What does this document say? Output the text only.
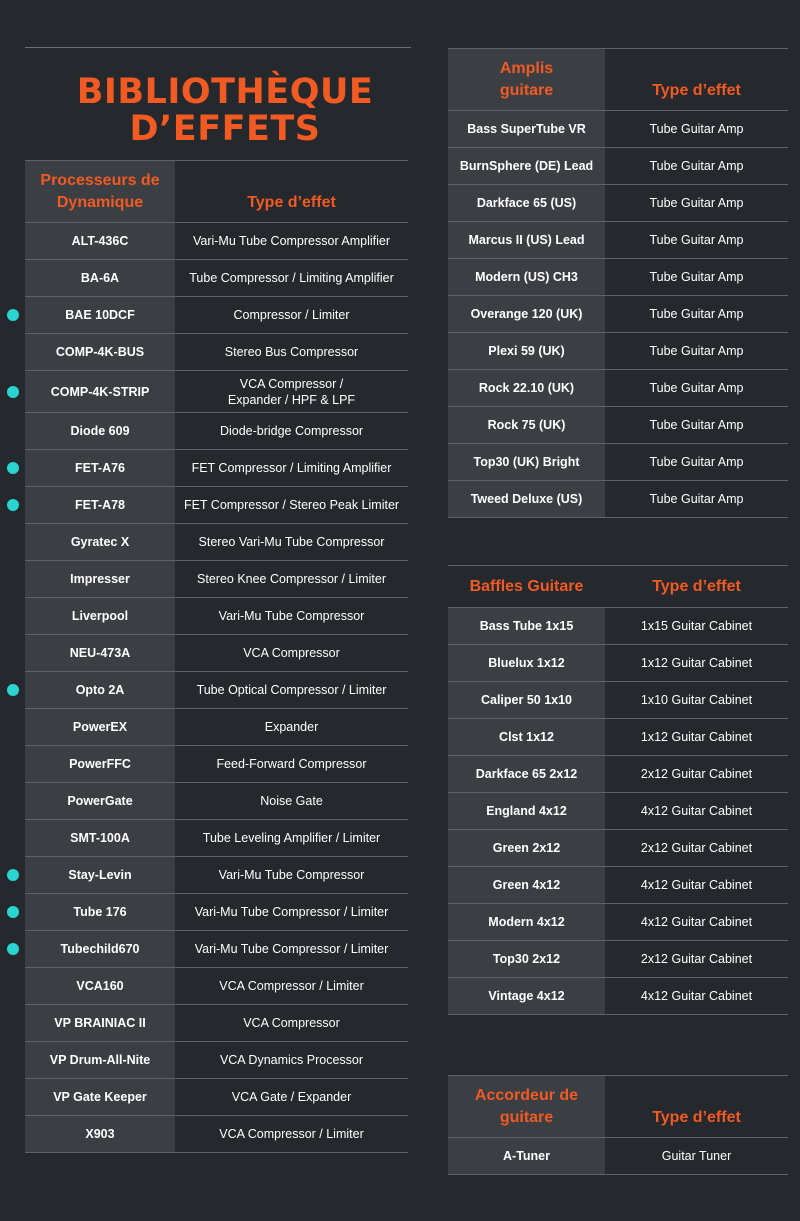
BIBLIOTHÈQUE
D’EFFETS
Processeurs de Dynamique	Type d’effet
ALT-436C	Vari-Mu Tube Compressor Amplifier
BA-6A	Tube Compressor / Limiting Amplifier
BAE 10DCF	Compressor / Limiter
COMP-4K-BUS	Stereo Bus Compressor
COMP-4K-STRIP	VCA Compressor / Expander / HPF & LPF
Diode 609	Diode-bridge Compressor
FET-A76	FET Compressor / Limiting Amplifier
FET-A78	FET Compressor / Stereo Peak Limiter
Gyratec X	Stereo Vari-Mu Tube Compressor
Impresser	Stereo Knee Compressor / Limiter
Liverpool	Vari-Mu Tube Compressor
NEU-473A	VCA Compressor
Opto 2A	Tube Optical Compressor / Limiter
PowerEX	Expander
PowerFFC	Feed-Forward Compressor
PowerGate	Noise Gate
SMT-100A	Tube Leveling Amplifier / Limiter
Stay-Levin	Vari-Mu Tube Compressor
Tube 176	Vari-Mu Tube Compressor / Limiter
Tubechild670	Vari-Mu Tube Compressor / Limiter
VCA160	VCA Compressor / Limiter
VP BRAINIAC II	VCA Compressor
VP Drum-All-Nite	VCA Dynamics Processor
VP Gate Keeper	VCA Gate / Expander
X903	VCA Compressor / Limiter
Amplis guitare	Type d’effet
Bass SuperTube VR	Tube Guitar Amp
BurnSphere (DE) Lead	Tube Guitar Amp
Darkface 65 (US)	Tube Guitar Amp
Marcus II (US) Lead	Tube Guitar Amp
Modern (US) CH3	Tube Guitar Amp
Overange 120 (UK)	Tube Guitar Amp
Plexi 59 (UK)	Tube Guitar Amp
Rock 22.10 (UK)	Tube Guitar Amp
Rock 75 (UK)	Tube Guitar Amp
Top30 (UK) Bright	Tube Guitar Amp
Tweed Deluxe (US)	Tube Guitar Amp
Baffles Guitare	Type d’effet
Bass Tube 1x15	1x15 Guitar Cabinet
Bluelux 1x12	1x12 Guitar Cabinet
Caliper 50 1x10	1x10 Guitar Cabinet
Clst 1x12	1x12 Guitar Cabinet
Darkface 65 2x12	2x12 Guitar Cabinet
England 4x12	4x12 Guitar Cabinet
Green 2x12	2x12 Guitar Cabinet
Green 4x12	4x12 Guitar Cabinet
Modern 4x12	4x12 Guitar Cabinet
Top30 2x12	2x12 Guitar Cabinet
Vintage 4x12	4x12 Guitar Cabinet
Accordeur de guitare	Type d’effet
A-Tuner	Guitar Tuner
